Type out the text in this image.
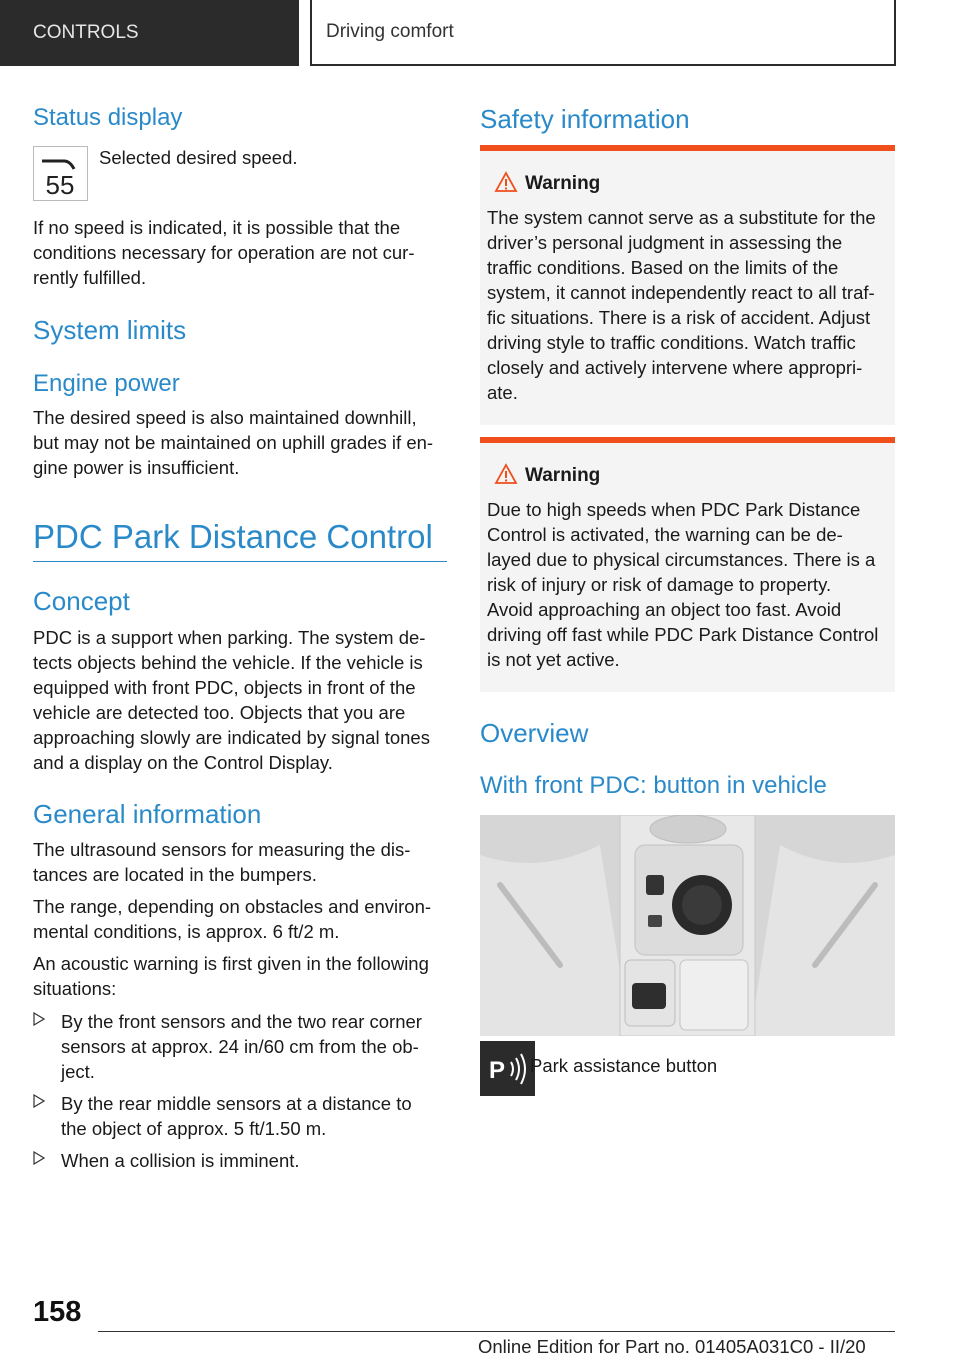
CONTROLS	Driving comfort
Status display
55

Selected desired speed.

If no speed is indicated, it is possible that the

conditions necessary for operation are not cur-

rently fulfilled.

System limits
Engine power

The desired speed is also maintained downhill,

but may not be maintained on uphill grades if en-

gine power is insufficient.

PDC Park Distance Control
Concept

PDC is a support when parking. The system de-

tects objects behind the vehicle. If the vehicle is

equipped with front PDC, objects in front of the

vehicle are detected too. Objects that you are

approaching slowly are indicated by signal tones

and a display on the Control Display.

General information

The ultrasound sensors for measuring the dis-

tances are located in the bumpers.

The range, depending on obstacles and environ-

mental conditions, is approx. 6 ft/2 m.

An acoustic warning is first given in the following

situations:

By the front sensors and the two rear corner

sensors at approx. 24 in/60 cm from the ob-

ject.

By the rear middle sensors at a distance to

the object of approx. 5 ft/1.50 m.

When a collision is imminent.

Safety information
Warning

The system cannot serve as a substitute for the

driver’s personal judgment in assessing the

traffic conditions. Based on the limits of the

system, it cannot independently react to all traf-

fic situations. There is a risk of accident. Adjust

driving style to traffic conditions. Watch traffic

closely and actively intervene where appropri-

ate.

Warning

Due to high speeds when PDC Park Distance

Control is activated, the warning can be de-

layed due to physical circumstances. There is a

risk of injury or risk of damage to property.

Avoid approaching an object too fast. Avoid

driving off fast while PDC Park Distance Control

is not yet active.

Overview
With front PDC: button in vehicle
P Park assistance button

158
Online Edition for Part no. 01405A031C0 - II/20
